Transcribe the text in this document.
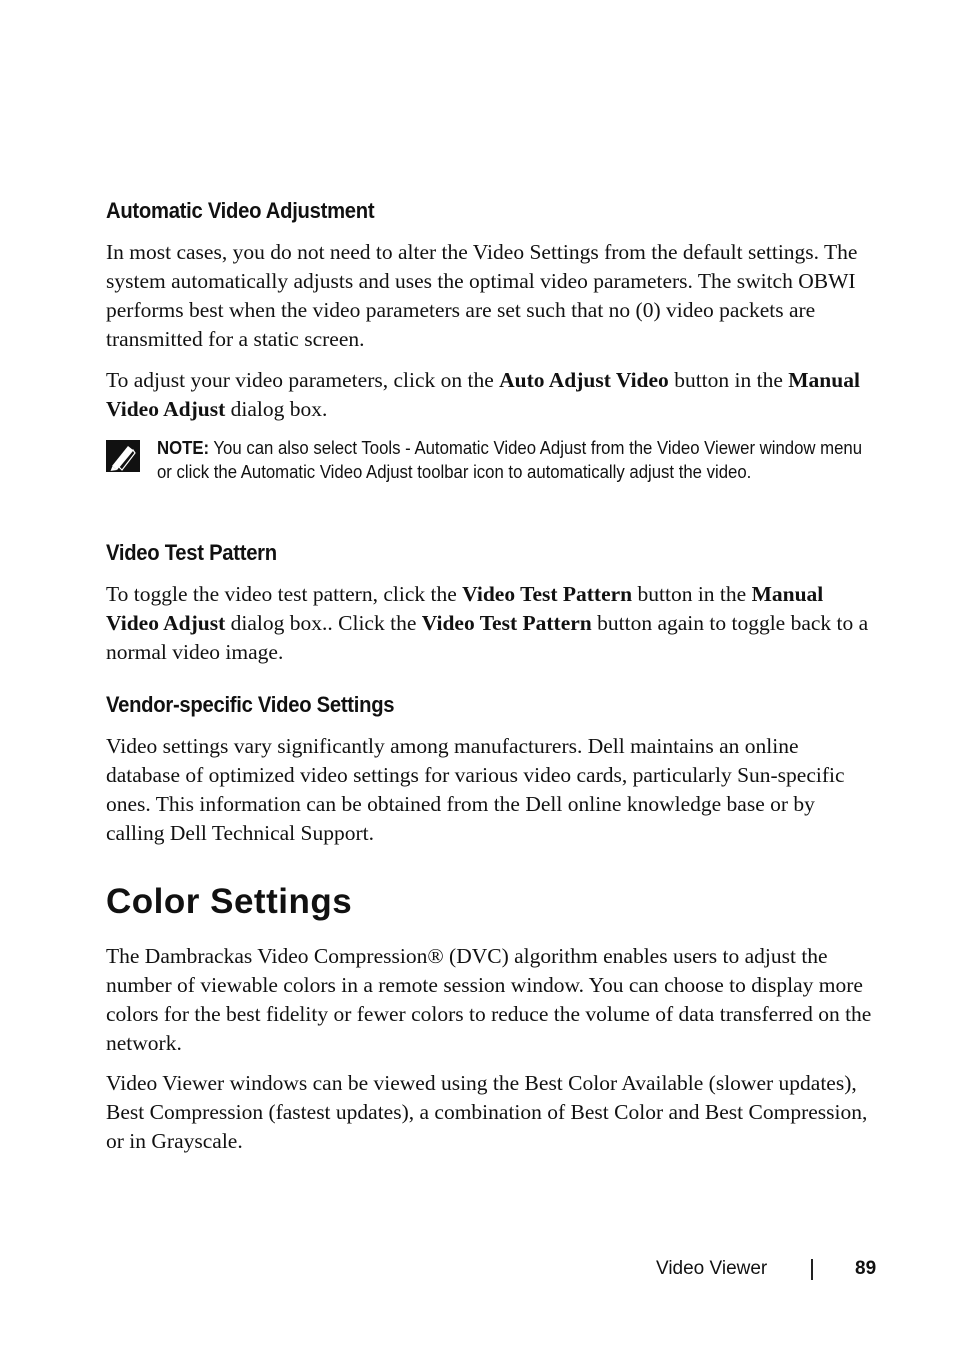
Automatic Video Adjustment

In most cases, you do not need to alter the Video Settings from the default settings. The system automatically adjusts and uses the optimal video parameters. The switch OBWI performs best when the video parameters are set such that no (0) video packets are transmitted for a static screen.

To adjust your video parameters, click on the Auto Adjust Video button in the Manual Video Adjust dialog box.

NOTE: You can also select Tools - Automatic Video Adjust from the Video Viewer window menu or click the Automatic Video Adjust toolbar icon to automatically adjust the video.
Video Test Pattern

To toggle the video test pattern, click the Video Test Pattern button in the Manual Video Adjust dialog box.. Click the Video Test Pattern button again to toggle back to a normal video image.

Vendor-specific Video Settings

Video settings vary significantly among manufacturers. Dell maintains an online database of optimized video settings for various video cards, particularly Sun-specific ones. This information can be obtained from the Dell online knowledge base or by calling Dell Technical Support.

Color Settings

The Dambrackas Video Compression® (DVC) algorithm enables users to adjust the number of viewable colors in a remote session window. You can choose to display more colors for the best fidelity or fewer colors to reduce the volume of data transferred on the network.

Video Viewer windows can be viewed using the Best Color Available (slower updates), Best Compression (fastest updates), a combination of Best Color and Best Compression, or in Grayscale.

Video Viewer	89
